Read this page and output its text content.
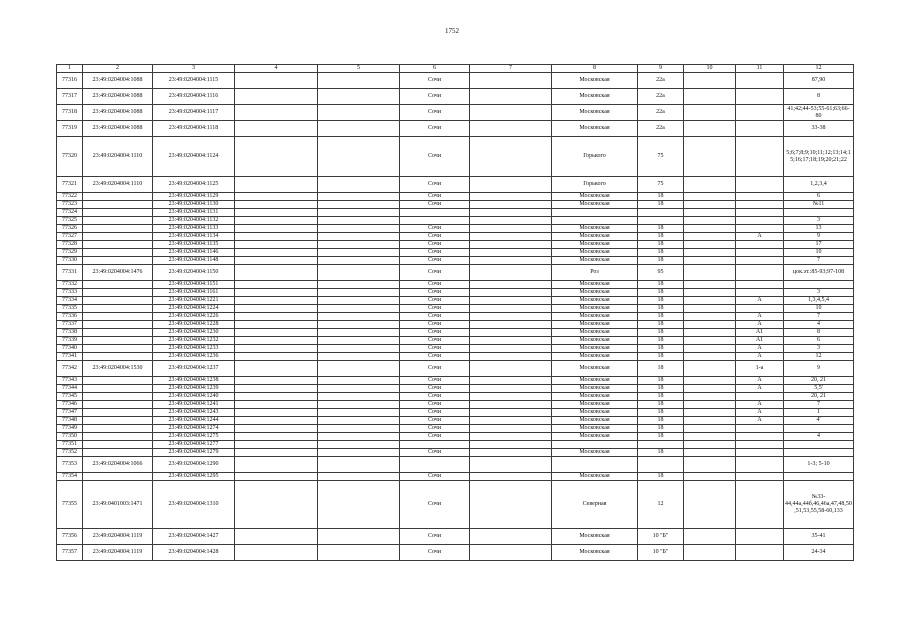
1752
1	2	3	4	5	6	7	8	9	10	11	12
77316	23:49:0204004:1088	23:49:0204004:1115			Сочи		Московская	22а			87,90
77317	23:49:0204004:1088	23:49:0204004:1116			Сочи		Московская	22а			8
77318	23:49:0204004:1088	23:49:0204004:1117			Сочи		Московская	22а			41;42;44-53;55-61;63;66-80
77319	23:49:0204004:1088	23:49:0204004:1118			Сочи		Московская	22а			33-38
77320	23:49:0204004:1110	23:49:0204004:1124			Сочи		Горького	75			5;6;7;8;9;10;11;12;13;14;15;16;17;18;19;20;21;22
77321	23:49:0204004:1110	23:49:0204004:1125			Сочи		Горького	75			1,2,3,4
77322		23:49:0204004:1129			Сочи		Московская	18			6
77323		23:49:0204004:1130			Сочи		Московская	18			№11
77324		23:49:0204004:1131									
77325		23:49:0204004:1132									3
77326		23:49:0204004:1133			Сочи		Московская	18			13
77327		23:49:0204004:1134			Сочи		Московская	18		А	9
77328		23:49:0204004:1135			Сочи		Московская	18			17
77329		23:49:0204004:1146			Сочи		Московская	18			10
77330		23:49:0204004:1148			Сочи		Московская	18			7
77331	23:49:0204004:1476	23:49:0204004:1150			Сочи		Роз	95			цок.эт.:85-93;97-108
77332		23:49:0204004:1151			Сочи		Московская	18			
77333		23:49:0204004:1161			Сочи		Московская	18			3
77334		23:49:0204004:1221			Сочи		Московская	18		А	1,3,4,5,4
77335		23:49:0204004:1224			Сочи		Московская	18			10
77336		23:49:0204004:1226			Сочи		Московская	18		А	7
77337		23:49:0204004:1228			Сочи		Московская	18		А	4
77338		23:49:0204004:1230			Сочи		Московская	18		А1	8
77339		23:49:0204004:1232			Сочи		Московская	18		А1	6
77340		23:49:0204004:1233			Сочи		Московская	18		А	3
77341		23:49:0204004:1236			Сочи		Московская	18		А	12
77342	23:49:0204004:1530	23:49:0204004:1237			Сочи		Московская	18		1-а	9
77343		23:49:0204004:1238			Сочи		Московская	18		А	20, 21
77344		23:49:0204004:1239			Сочи		Московская	18		А	5,5'
77345		23:49:0204004:1240			Сочи		Московская	18			20, 21
77346		23:49:0204004:1241			Сочи		Московская	18		А	7
77347		23:49:0204004:1243			Сочи		Московская	18		А	1
77348		23:49:0204004:1244			Сочи		Московская	18		А	4'
77349		23:49:0204004:1274			Сочи		Московская	18			
77350		23:49:0204004:1275			Сочи		Московская	18			4
77351		23:49:0204004:1277									
77352		23:49:0204004:1279			Сочи		Московская	18			
77353	23:49:0204004:1066	23:49:0204004:1290									1-3; 5-10
77354		23:49:0204004:1295			Сочи		Московская	18			
77355	23:49:0401003:1471	23:49:0204004:1310			Сочи		Северная	12			№33-44,44а,44б,46,46а,47,48,50,51,53,55,58-60,133
77356	23:49:0204004:1119	23:49:0204004:1427			Сочи		Московская	10 "Б"			35-41
77357	23:49:0204004:1119	23:49:0204004:1428			Сочи		Московская	10 "Б"			24-34
